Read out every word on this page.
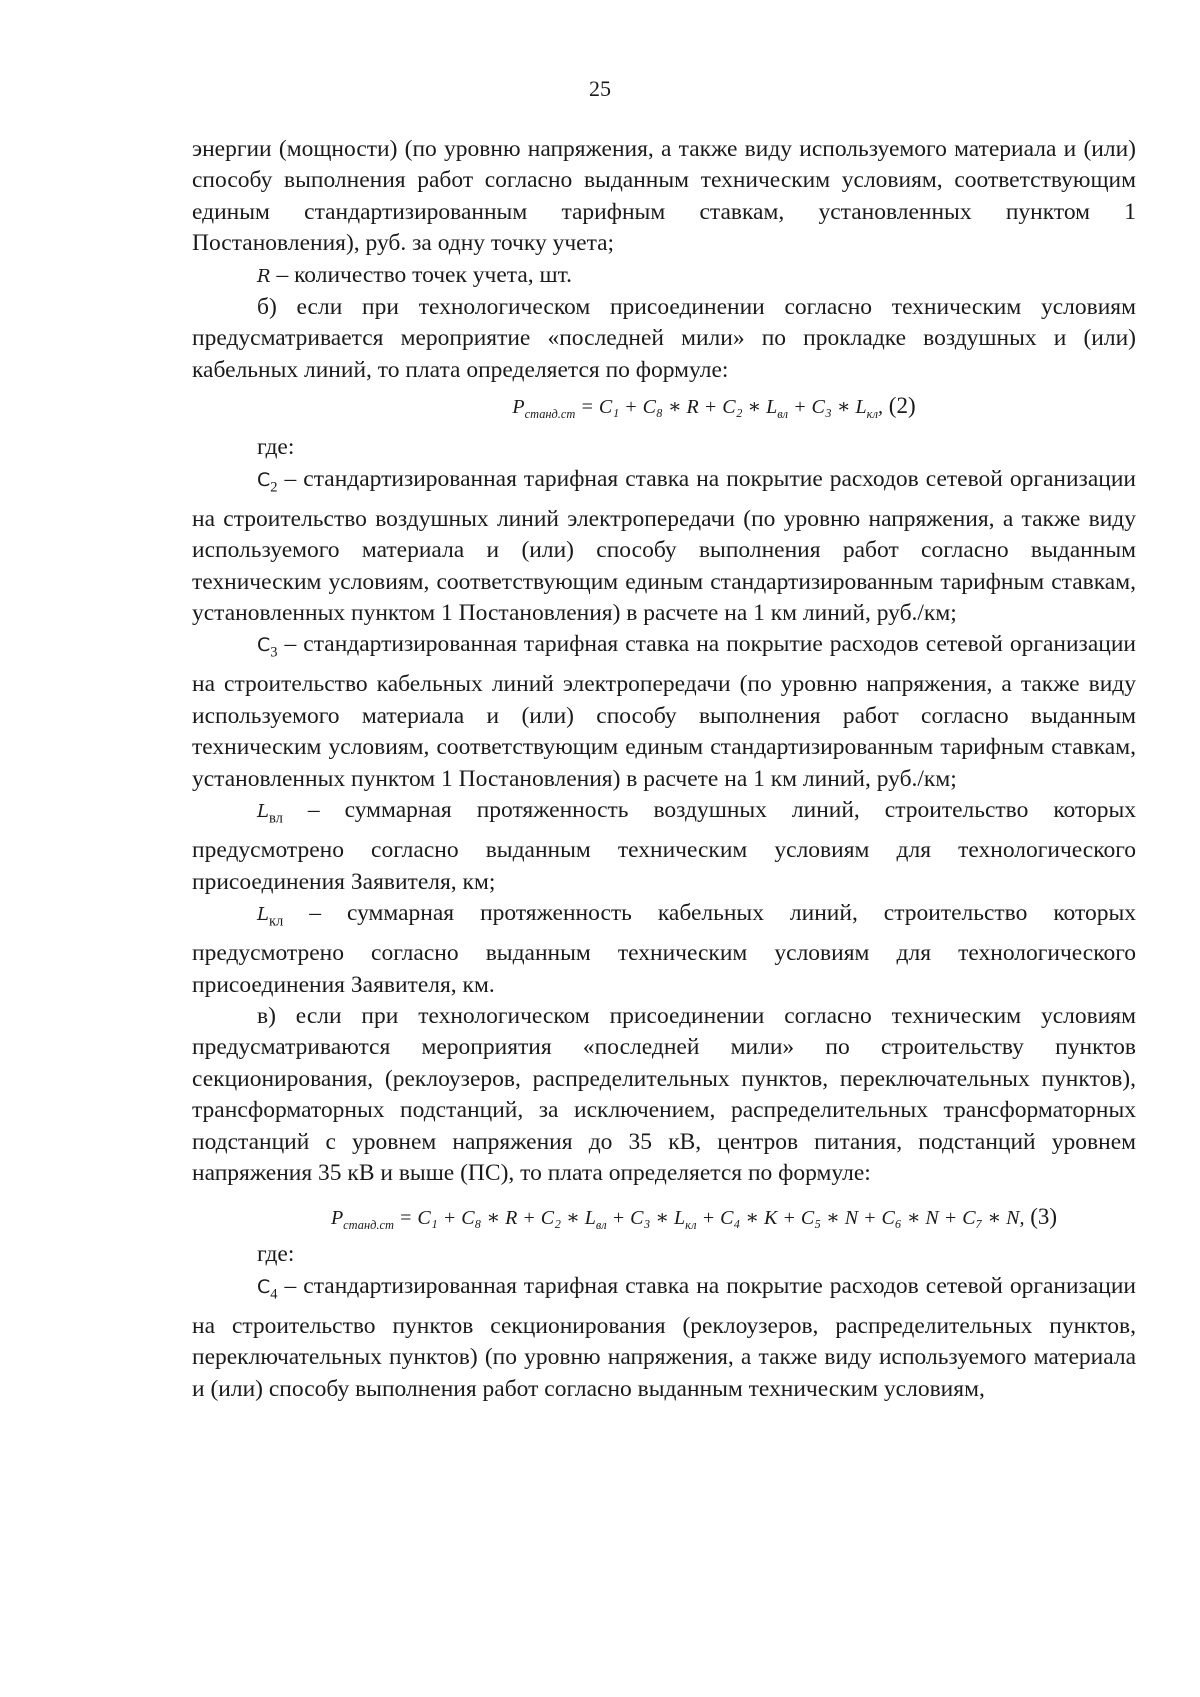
25

энергии (мощности) (по уровню напряжения, а также виду используемого материала и (или) способу выполнения работ согласно выданным техническим условиям, соответствующим единым стандартизированным тарифным ставкам, установленных пунктом 1 Постановления), руб. за одну точку учета;

R – количество точек учета, шт.

б) если при технологическом присоединении согласно техническим условиям предусматривается мероприятие «последней мили» по прокладке воздушных и (или) кабельных линий, то плата определяется по формуле:

$P_{станд.ст} = C_1 + C_8$ ∗ R + C₂ ∗ $L_{вл} + C_3$ ∗ $L_{кл}$, (2)

где:

$C_2$ – стандартизированная тарифная ставка на покрытие расходов сетевой организации на строительство воздушных линий электропередачи (по уровню напряжения, а также виду используемого материала и (или) способу выполнения работ согласно выданным техническим условиям, соответствующим единым стандартизированным тарифным ставкам, установленных пунктом 1 Постановления) в расчете на 1 км линий, руб./км;

$C_3$ – стандартизированная тарифная ставка на покрытие расходов сетевой организации на строительство кабельных линий электропередачи (по уровню напряжения, а также виду используемого материала и (или) способу выполнения работ согласно выданным техническим условиям, соответствующим единым стандартизированным тарифным ставкам, установленных пунктом 1 Постановления) в расчете на 1 км линий, руб./км;

$L_{вл}$ – суммарная протяженность воздушных линий, строительство которых предусмотрено согласно выданным техническим условиям для технологического присоединения Заявителя, км;

$L_{кл}$ – суммарная протяженность кабельных линий, строительство которых предусмотрено согласно выданным техническим условиям для технологического присоединения Заявителя, км.

в) если при технологическом присоединении согласно техническим условиям предусматриваются мероприятия «последней мили» по строительству пунктов секционирования, (реклоузеров, распределительных пунктов, переключательных пунктов), трансформаторных подстанций, за исключением, распределительных трансформаторных подстанций с уровнем напряжения до 35 кВ, центров питания, подстанций уровнем напряжения 35 кВ и выше (ПС), то плата определяется по формуле:

$P_{станд.ст} = C_1 + C_8$ ∗ R + C₂ ∗ $L_{вл} + C_3$ ∗ $L_{кл} + C_4$ ∗ K + C₅ ∗ N + C₆ ∗ N + C₇ ∗ N, (3)

где:

$C_4$ – стандартизированная тарифная ставка на покрытие расходов сетевой организации на строительство пунктов секционирования (реклоузеров, распределительных пунктов, переключательных пунктов) (по уровню напряжения, а также виду используемого материала и (или) способу выполнения работ согласно выданным техническим условиям,
